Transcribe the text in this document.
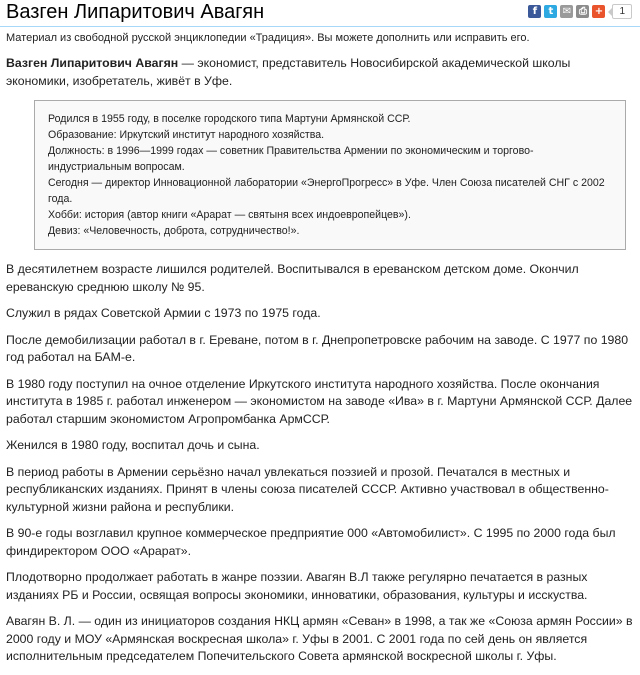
Вазген Липаритович Авагян	f	t ✉ ⎙ +	1
Материал из свободной русской энциклопедии «Традиция». Вы можете дополнить или исправить его.

Вазген Липаритович Авагян — экономист, представитель Новосибирской академической школы экономики, изобретатель, живёт в Уфе.

Родился в 1955 году, в поселке городского типа Мартуни Армянской ССР.
Образование: Иркутский институт народного хозяйства.
Должность: в 1996—1999 годах — советник Правительства Армении по экономическим и торгово-индустриальным вопросам.
Сегодня — директор Инновационной лаборатории «ЭнергоПрогресс» в Уфе. Член Союза писателей СНГ с 2002 года.
Хобби: история (автор книги «Арарат — святыня всех индоевропейцев»).
Девиз: «Человечность, доброта, сотрудничество!».

В десятилетнем возрасте лишился родителей. Воспитывался в ереванском детском доме. Окончил ереванскую среднюю школу № 95.

Служил в рядах Советской Армии с 1973 по 1975 года.

После демобилизации работал в г. Ереване, потом в г. Днепропетровске рабочим на заводе. С 1977 по 1980 год работал на БАМ-е.

В 1980 году поступил на очное отделение Иркутского института народного хозяйства. После окончания института в 1985 г. работал инженером — экономистом на заводе «Ива» в г. Мартуни Армянской ССР. Далее работал старшим экономистом Агропромбанка АрмССР.

Женился в 1980 году, воспитал дочь и сына.

В период работы в Армении серьёзно начал увлекаться поэзией и прозой. Печатался в местных и республиканских изданиях. Принят в члены союза писателей СССР. Активно участвовал в общественно-культурной жизни района и республики.

В 90-е годы возглавил крупное коммерческое предприятие 000 «Автомобилист». С 1995 по 2000 года был финдиректором ООО «Арарат».

Плодотворно продолжает работать в жанре поэзии. Авагян В.Л также регулярно печатается в разных изданиях РБ и России, освящая вопросы экономики, инноватики, образования, культуры и исскуства.

Авагян В. Л. — один из инициаторов создания НКЦ армян «Севан» в 1998, а так же «Союза армян России» в 2000 году и МОУ «Армянская воскресная школа» г. Уфы в 2001. С 2001 года по сей день он является исполнительным председателем Попечительского Совета армянской воскресной школы г. Уфы.
